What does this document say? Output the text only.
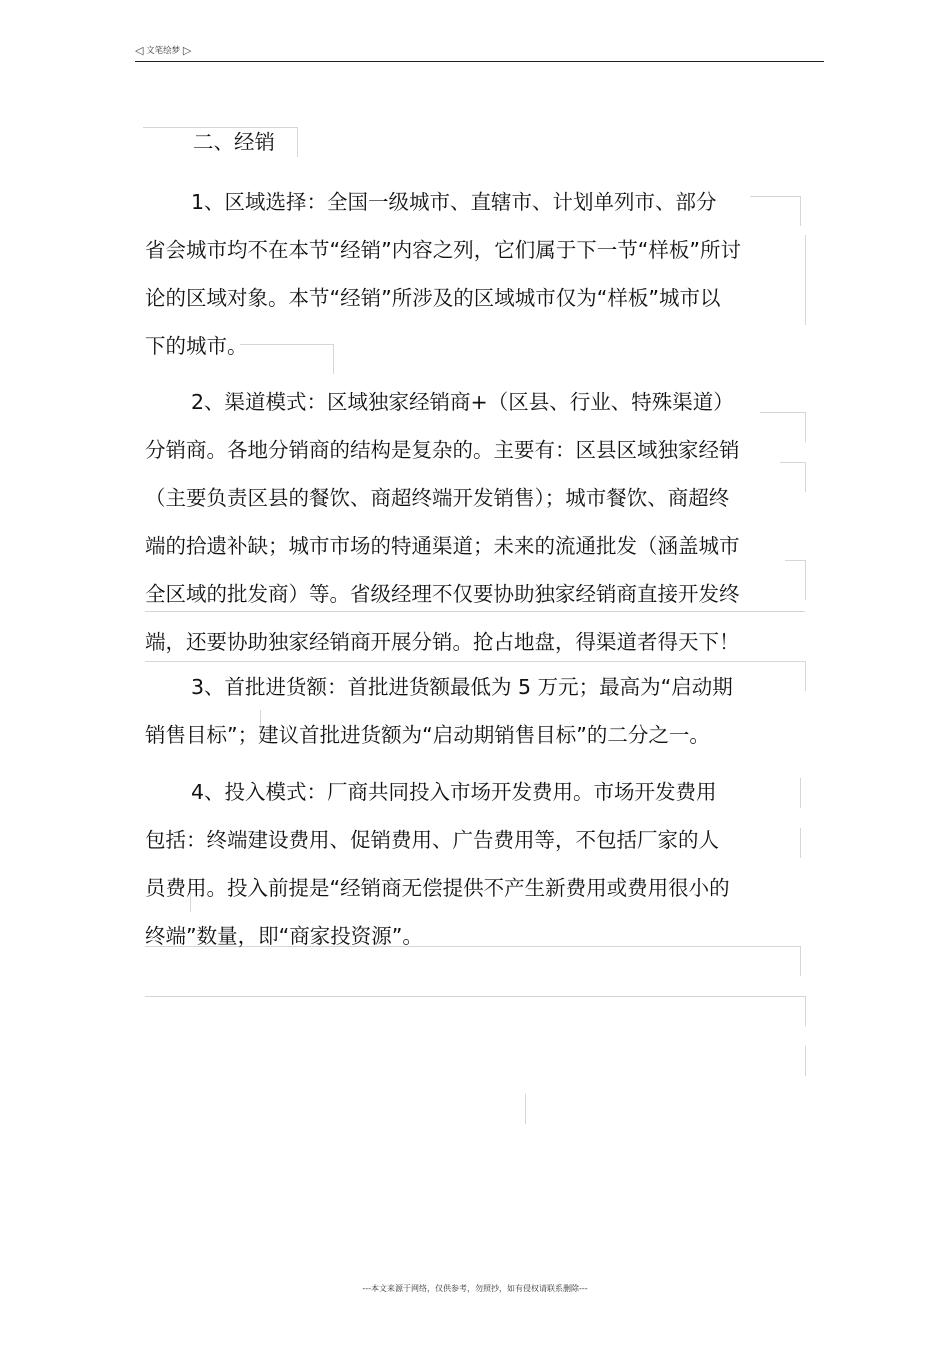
◁ 文笔绘梦 ▷
二、经销
1、区域选择：全国一级城市、直辖市、计划单列市、部分
省会城市均不在本节“经销”内容之列，它们属于下一节“样板”所讨
论的区域对象。本节“经销”所涉及的区域城市仅为“样板”城市以
下的城市。
2、渠道模式：区域独家经销商+（区县、行业、特殊渠道）
分销商。各地分销商的结构是复杂的。主要有：区县区域独家经销
（主要负责区县的餐饮、商超终端开发销售）；城市餐饮、商超终
端的拾遗补缺；城市市场的特通渠道；未来的流通批发（涵盖城市
全区域的批发商）等。省级经理不仅要协助独家经销商直接开发终
端，还要协助独家经销商开展分销。抢占地盘，得渠道者得天下！
3、首批进货额：首批进货额最低为 5 万元；最高为“启动期
销售目标”；建议首批进货额为“启动期销售目标”的二分之一。
4、投入模式：厂商共同投入市场开发费用。市场开发费用
包括：终端建设费用、促销费用、广告费用等，不包括厂家的人
员费用。投入前提是“经销商无偿提供不产生新费用或费用很小的
终端”数量，即“商家投资源”。
---本文来源于网络，仅供参考，勿照抄，如有侵权请联系删除---
